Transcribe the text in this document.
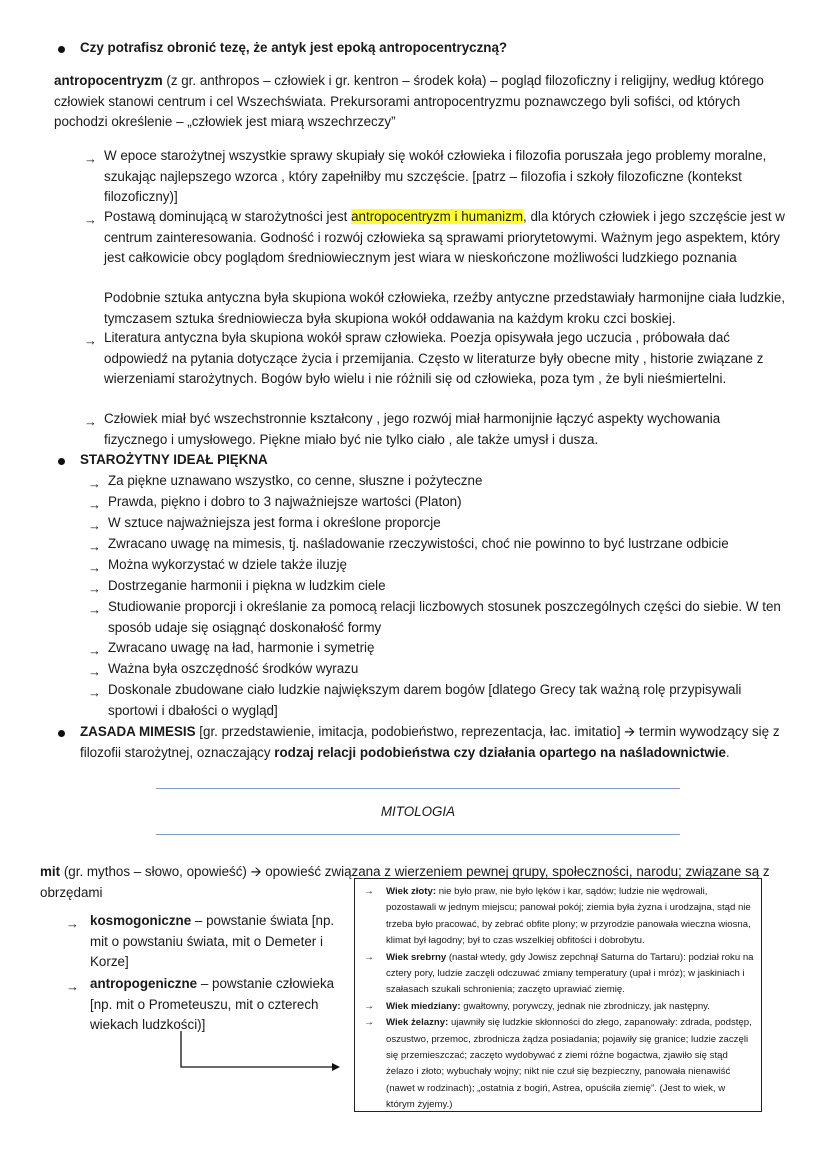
Czy potrafisz obronić tezę, że antyk jest epoką antropocentryczną?
antropocentryzm (z gr. anthropos – człowiek i gr. kentron – środek koła) – pogląd filozoficzny i religijny, według którego człowiek stanowi centrum i cel Wszechświata. Prekursorami antropocentryzmu poznawczego byli sofiści, od których pochodzi określenie – „człowiek jest miarą wszechrzeczy”
→ W epoce starożytnej wszystkie sprawy skupiały się wokół człowieka i filozofia poruszała jego problemy moralne, szukając najlepszego wzorca , który zapełniłby mu szczęście. [patrz – filozofia i szkoły filozoficzne (kontekst filozoficzny)]
→ Postawą dominującą w starożytności jest antropocentryzm i humanizm, dla których człowiek i jego szczęście jest w centrum zainteresowania. Godność i rozwój człowieka są sprawami priorytetowymi. Ważnym jego aspektem, który jest całkowicie obcy poglądom średniowiecznym jest wiara w nieskończone możliwości ludzkiego poznania
Podobnie sztuka antyczna była skupiona wokół człowieka, rzeźby antyczne przedstawiały harmonijne ciała ludzkie, tymczasem sztuka średniowiecza była skupiona wokół oddawania na każdym kroku czci boskiej.
→ Literatura antyczna była skupiona wokół spraw człowieka. Poezja opisywała jego uczucia , próbowała dać odpowiedź na pytania dotyczące życia i przemijania. Często w literaturze były obecne mity , historie związane z wierzeniami starożytnych. Bogów było wielu i nie różnili się od człowieka, poza tym , że byli nieśmiertelni.
→ Człowiek miał być wszechstronnie kształcony , jego rozwój miał harmonijnie łączyć aspekty wychowania fizycznego i umysłowego. Piękne miało być nie tylko ciało , ale także umysł i dusza.
STAROŻYTNY IDEAŁ PIĘKNA
→ Za piękne uznawano wszystko, co cenne, słuszne i pożyteczne
→ Prawda, piękno i dobro to 3 najważniejsze wartości (Platon)
→ W sztuce najważniejsza jest forma i określone proporcje
→ Zwracano uwagę na mimesis, tj. naśladowanie rzeczywistości, choć nie powinno to być lustrzane odbicie
→ Można wykorzystać w dziele także iluzję
→ Dostrzeganie harmonii i piękna w ludzkim ciele
→ Studiowanie proporcji i określanie za pomocą relacji liczbowych stosunek poszczególnych części do siebie. W ten sposób udaje się osiągnąć doskonałość formy
→ Zwracano uwagę na ład, harmonie i symetrię
→ Ważna była oszczędność środków wyrazu
→ Doskonale zbudowane ciało ludzkie największym darem bogów [dlatego Grecy tak ważną rolę przypisywali sportowi i dbałości o wygląd]
ZASADA MIMESIS [gr. przedstawienie, imitacja, podobieństwo, reprezentacja, łac. imitatio] 🡪 termin wywodzący się z filozofii starożytnej, oznaczający rodzaj relacji podobieństwa czy działania opartego na naśladownictwie.
MITOLOGIA
mit (gr. mythos – słowo, opowieść) 🡪 opowieść związana z wierzeniem pewnej grupy, społeczności, narodu; związane są z obrzędami
→ kosmogoniczne – powstanie świata [np. mit o powstaniu świata, mit o Demeter i Korze]
→ antropogeniczne – powstanie człowieka [np. mit o Prometeuszu, mit o czterech wiekach ludzkości)]
→ Wiek złoty: nie było praw, nie było lęków i kar, sądów; ludzie nie wędrowali, pozostawali w jednym miejscu; panował pokój; ziemia była żyzna i urodzajna, stąd nie trzeba było pracować, by zebrać obfite plony; w przyrodzie panowała wieczna wiosna, klimat był łagodny; był to czas wszelkiej obfitości i dobrobytu.
→ Wiek srebrny (nastał wtedy, gdy Jowisz zepchnął Saturna do Tartaru): podział roku na cztery pory, ludzie zaczęli odczuwać zmiany temperatury (upał i mróz); w jaskiniach i szałasach szukali schronienia; zaczęto uprawiać ziemię.
→ Wiek miedziany: gwałtowny, porywczy, jednak nie zbrodniczy, jak następny.
→ Wiek żelazny: ujawniły się ludzkie skłonności do złego, zapanowały: zdrada, podstęp, oszustwo, przemoc, zbrodnicza żądza posiadania; pojawiły się granice; ludzie zaczęli się przemieszczać; zaczęto wydobywać z ziemi różne bogactwa, zjawiło się stąd żelazo i złoto; wybuchały wojny; nikt nie czuł się bezpieczny, panowała nienawiść (nawet w rodzinach); „ostatnia z bogiń, Astrea, opuściła ziemię”. (Jest to wiek, w którym żyjemy.)
